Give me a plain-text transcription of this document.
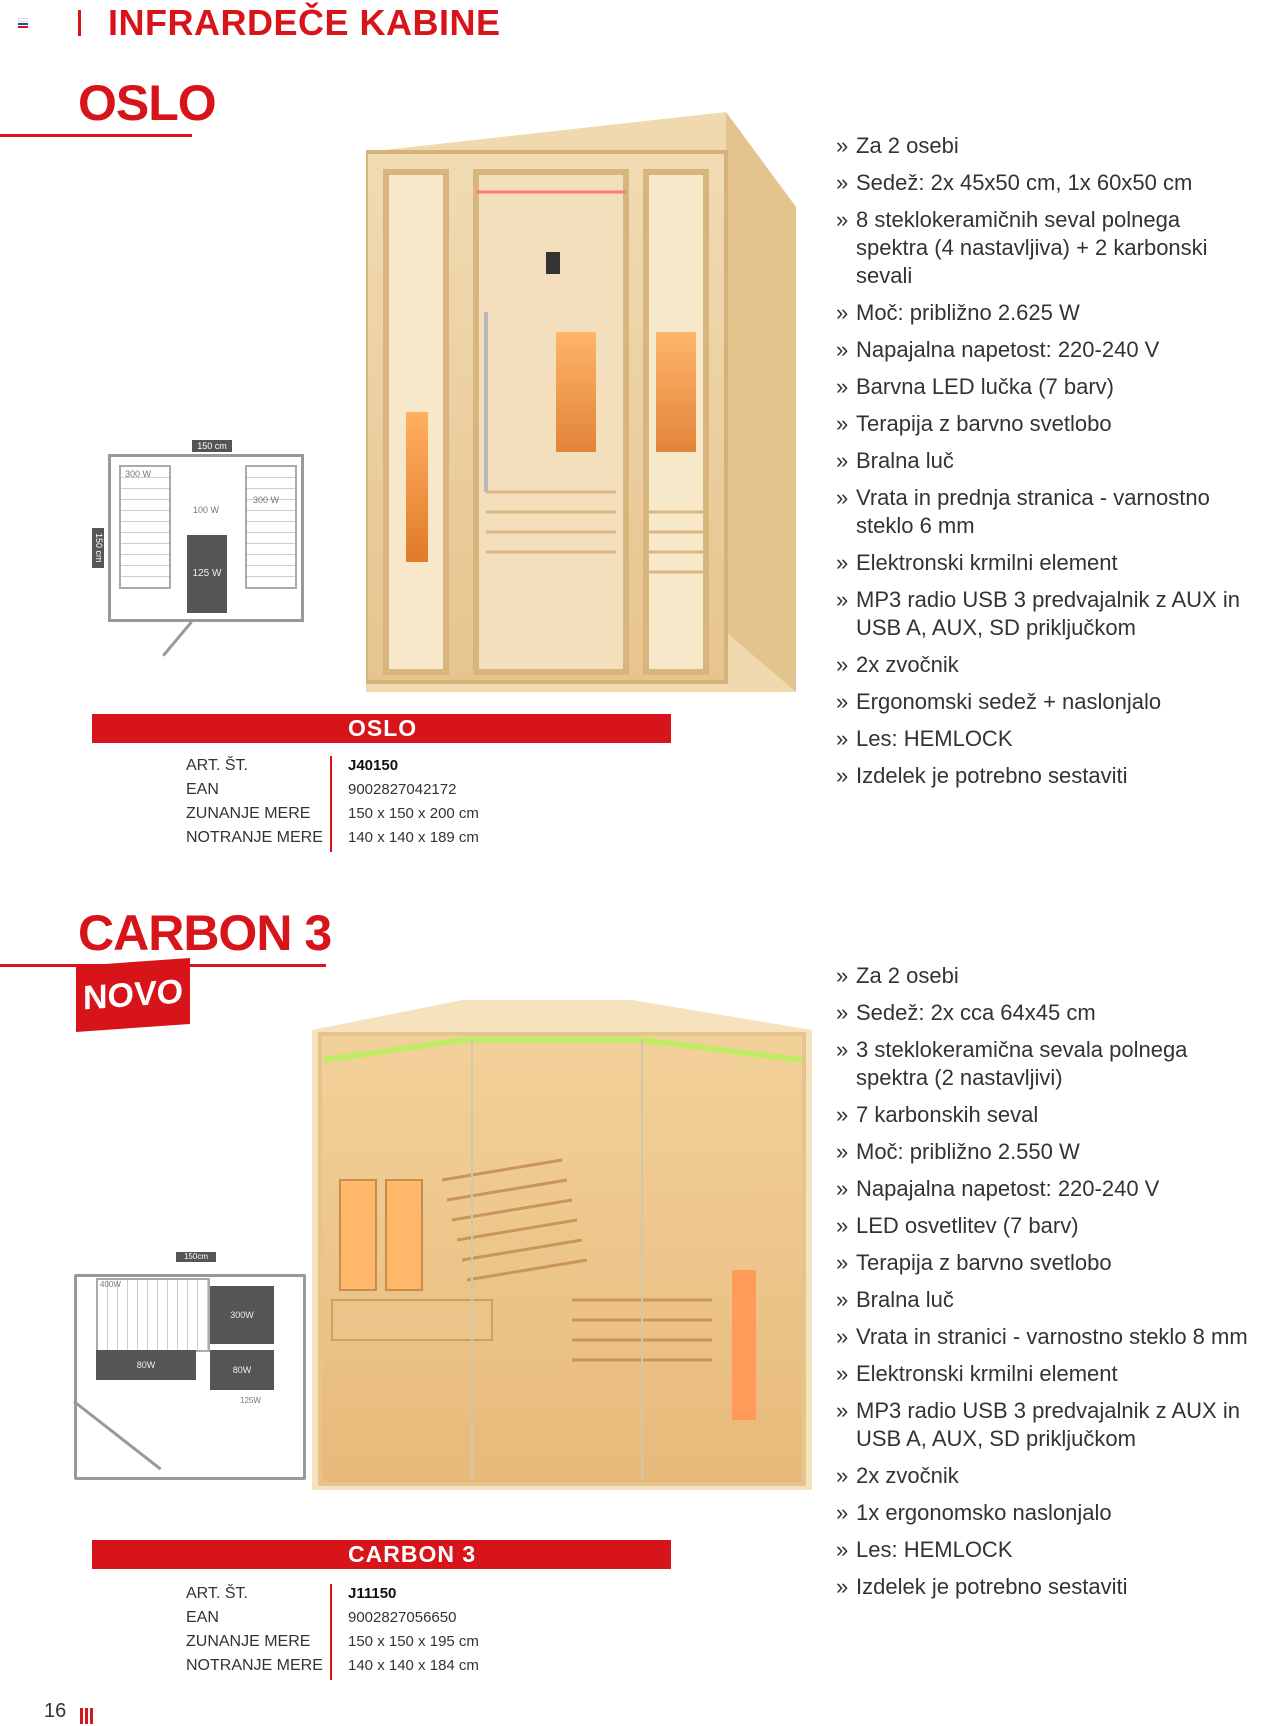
INFRARDEČE KABINE
OSLO
150 cm
150 cm
125 W
300 W
100 W
300 W
OSLO
ART. ŠT.
EAN
ZUNANJE MERE
NOTRANJE MERE
J40150
9002827042172
150 x 150 x 200 cm
140 x 140 x 189 cm
» Za 2 osebi
» Sedež: 2x 45x50 cm, 1x 60x50 cm
» 8 steklokeramičnih seval polnega spektra (4 nastavljiva) + 2 karbonski sevali
» Moč: približno 2.625 W
» Napajalna napetost: 220-240 V
» Barvna LED lučka (7 barv)
» Terapija z barvno svetlobo
» Bralna luč
» Vrata in prednja stranica - varnostno steklo 6 mm
» Elektronski krmilni element
» MP3 radio USB 3 predvajalnik z AUX in USB A, AUX, SD priključkom
» 2x zvočnik
» Ergonomski sedež + naslonjalo
» Les: HEMLOCK
» Izdelek je potrebno sestaviti
CARBON 3
NOVO
150cm
300W
80W
80W
400W
125W
CARBON 3
ART. ŠT.
EAN
ZUNANJE MERE
NOTRANJE MERE
J11150
9002827056650
150 x 150 x 195 cm
140 x 140 x 184 cm
» Za 2 osebi
» Sedež: 2x cca 64x45 cm
» 3 steklokeramična sevala polnega spektra (2 nastavljivi)
» 7 karbonskih seval
» Moč: približno 2.550 W
» Napajalna napetost: 220-240 V
» LED osvetlitev (7 barv)
» Terapija z barvno svetlobo
» Bralna luč
» Vrata in stranici - varnostno steklo 8 mm
» Elektronski krmilni element
» MP3 radio USB 3 predvajalnik z AUX in USB A, AUX, SD priključkom
» 2x zvočnik
» 1x ergonomsko naslonjalo
» Les: HEMLOCK
» Izdelek je potrebno sestaviti
16
